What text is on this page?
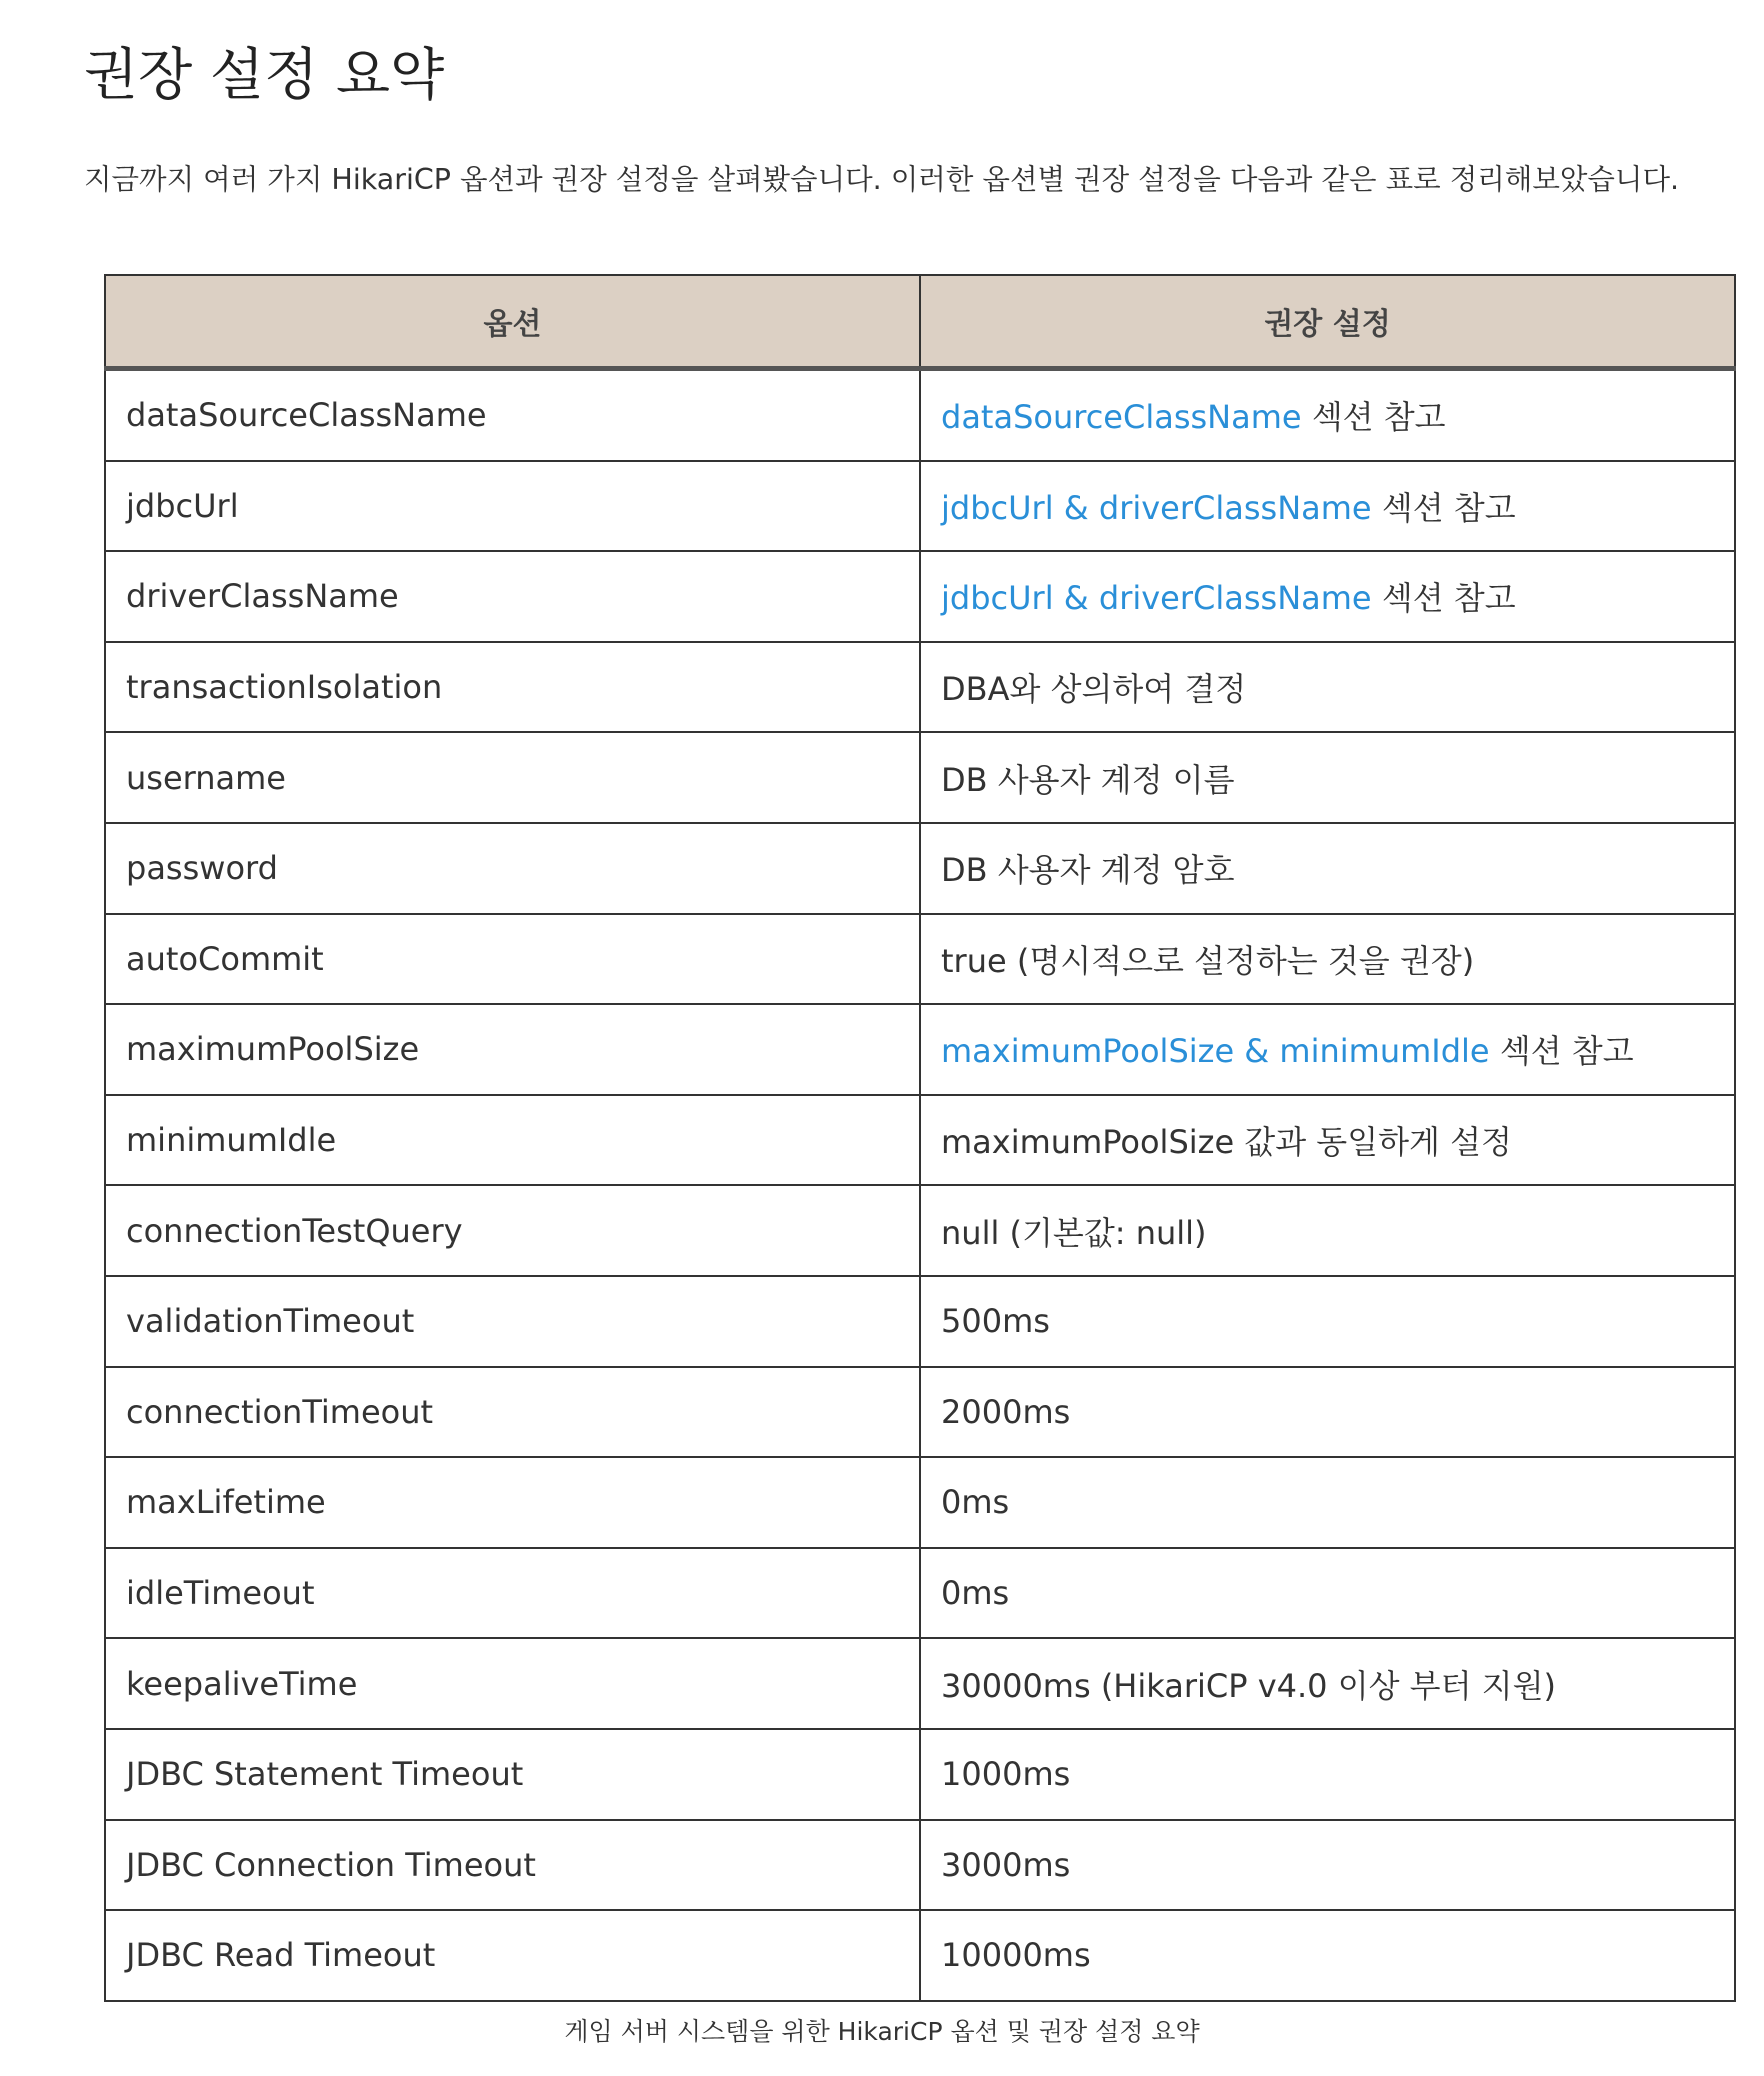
권장 설정 요약

지금까지 여러 가지 HikariCP 옵션과 권장 설정을 살펴봤습니다. 이러한 옵션별 권장 설정을 다음과 같은 표로 정리해보았습니다.

옵션	권장 설정
dataSourceClassName	dataSourceClassName 섹션 참고
jdbcUrl	jdbcUrl & driverClassName 섹션 참고
driverClassName	jdbcUrl & driverClassName 섹션 참고
transactionIsolation	DBA와 상의하여 결정
username	DB 사용자 계정 이름
password	DB 사용자 계정 암호
autoCommit	true (명시적으로 설정하는 것을 권장)
maximumPoolSize	maximumPoolSize & minimumIdle 섹션 참고
minimumIdle	maximumPoolSize 값과 동일하게 설정
connectionTestQuery	null (기본값: null)
validationTimeout	500ms
connectionTimeout	2000ms
maxLifetime	0ms
idleTimeout	0ms
keepaliveTime	30000ms (HikariCP v4.0 이상 부터 지원)
JDBC Statement Timeout	1000ms
JDBC Connection Timeout	3000ms
JDBC Read Timeout	10000ms
게임 서버 시스템을 위한 HikariCP 옵션 및 권장 설정 요약
